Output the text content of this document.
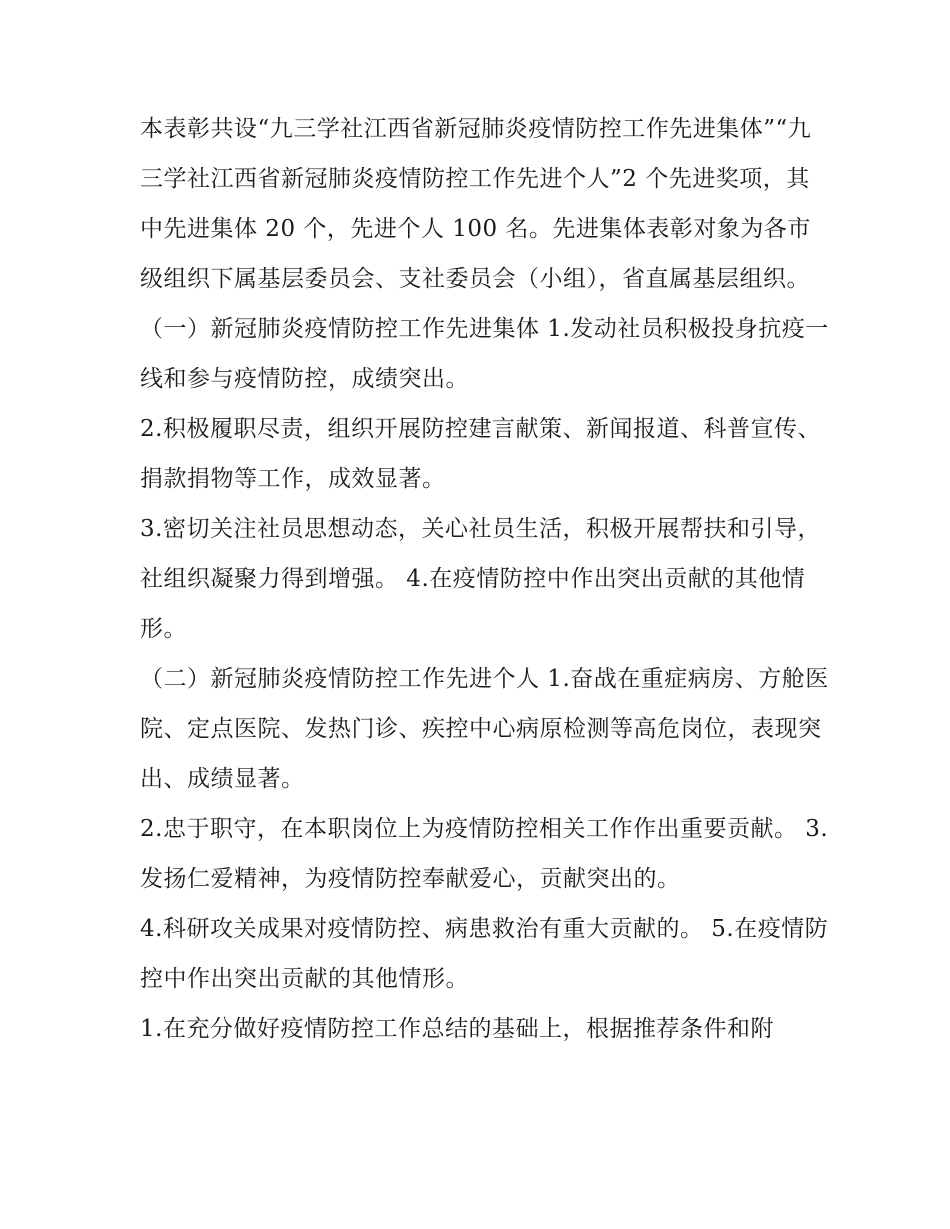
本表彰共设“九三学社江西省新冠肺炎疫情防控工作先进集体”“九三学社江西省新冠肺炎疫情防控工作先进个人”2 个先进奖项，其中先进集体 20 个，先进个人 100 名。先进集体表彰对象为各市级组织下属基层委员会、支社委员会（小组），省直属基层组织。

（一）新冠肺炎疫情防控工作先进集体 1.发动社员积极投身抗疫一线和参与疫情防控，成绩突出。

2.积极履职尽责，组织开展防控建言献策、新闻报道、科普宣传、捐款捐物等工作，成效显著。

3.密切关注社员思想动态，关心社员生活，积极开展帮扶和引导，社组织凝聚力得到增强。 4.在疫情防控中作出突出贡献的其他情形。

（二）新冠肺炎疫情防控工作先进个人 1.奋战在重症病房、方舱医院、定点医院、发热门诊、疾控中心病原检测等高危岗位，表现突出、成绩显著。

2.忠于职守，在本职岗位上为疫情防控相关工作作出重要贡献。 3.发扬仁爱精神，为疫情防控奉献爱心，贡献突出的。

4.科研攻关成果对疫情防控、病患救治有重大贡献的。 5.在疫情防控中作出突出贡献的其他情形。

1.在充分做好疫情防控工作总结的基础上，根据推荐条件和附
